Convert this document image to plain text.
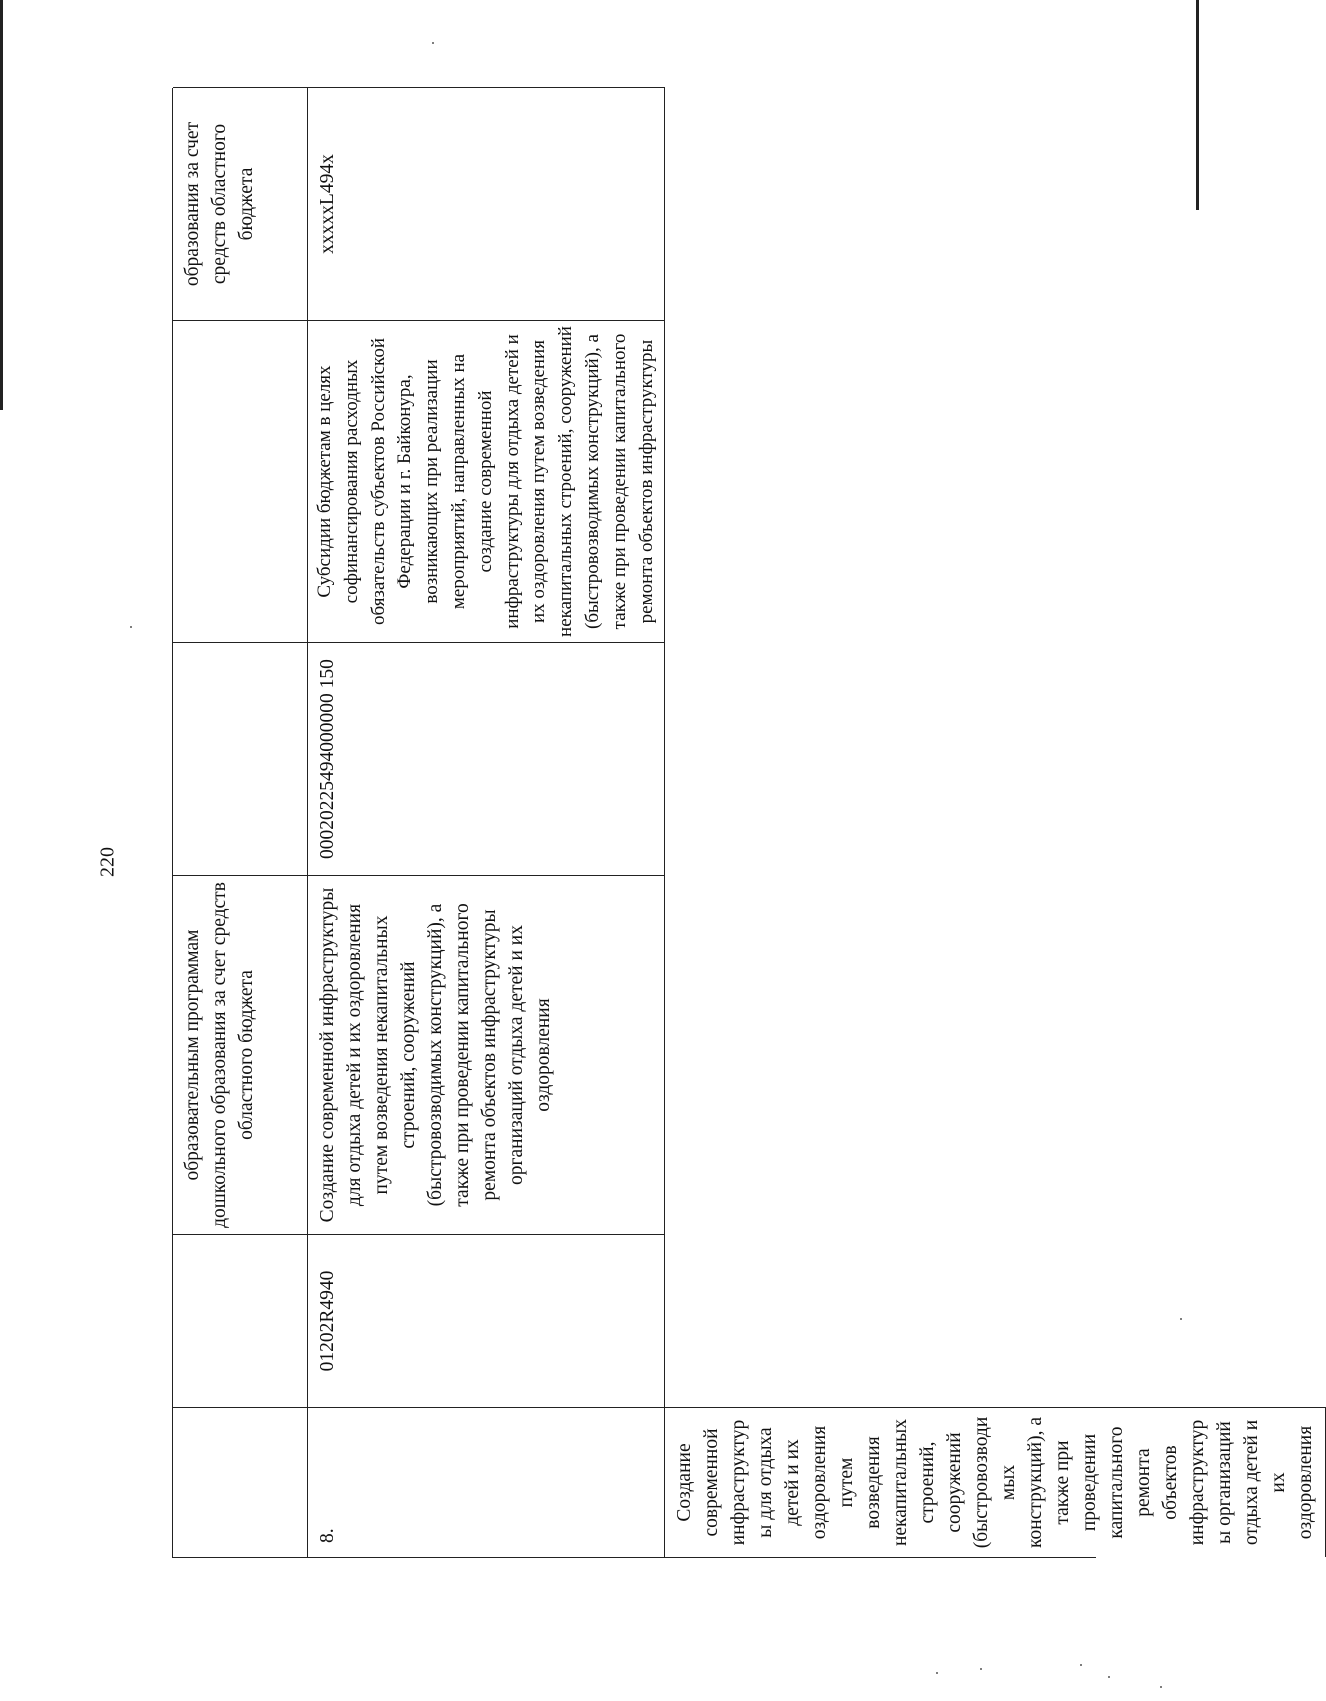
220
образовательным программам дошкольного образования за счет средств областного бюджета
образования за счет средств областного бюджета
8.
01202R4940
Создание современной инфраструктуры для отдыха детей и их оздоровления путем возведения некапитальных строений, сооружений (быстровозводимых конструкций), а также при проведении капитального ремонта объектов инфраструктуры организаций отдыха детей и их оздоровления
00020225494000000 150
Субсидии бюджетам в целях софинансирования расходных обязательств субъектов Российской Федерации и г. Байконура, возникающих при реализации мероприятий, направленных на создание современной инфраструктуры для отдыха детей и их оздоровления путем возведения некапитальных строений, сооружений (быстровозводимых конструкций), а также при проведении капитального ремонта объектов инфраструктуры
xxxxxL494x
Создание современной инфраструктуры для отдыха детей и их оздоровления путем возведения некапитальных строений, сооружений (быстровозводимых конструкций), а также при проведении капитального ремонта объектов инфраструктуры организаций отдыха детей и их оздоровления
